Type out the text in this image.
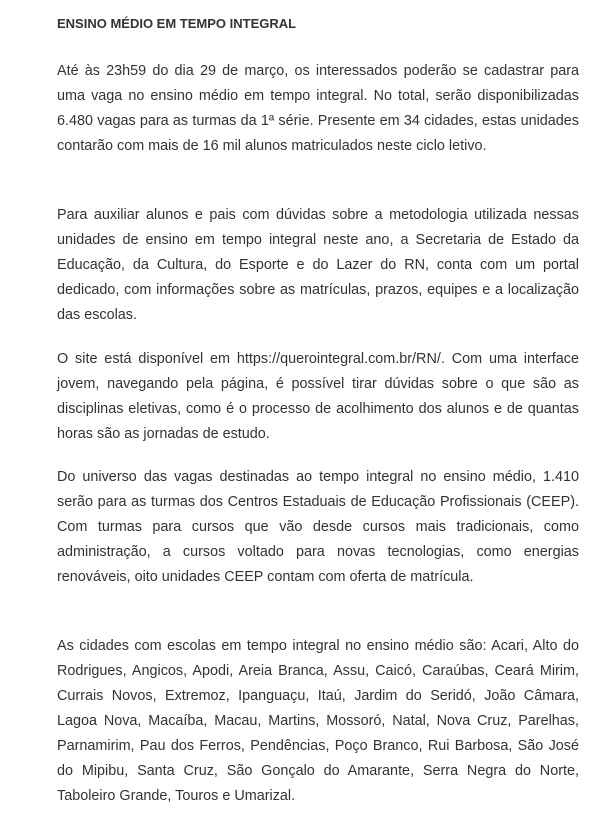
ENSINO MÉDIO EM TEMPO INTEGRAL

Até às 23h59 do dia 29 de março, os interessados poderão se cadastrar para uma vaga no ensino médio em tempo integral. No total, serão disponibilizadas 6.480 vagas para as turmas da 1ª série. Presente em 34 cidades, estas unidades contarão com mais de 16 mil alunos matriculados neste ciclo letivo.

Para auxiliar alunos e pais com dúvidas sobre a metodologia utilizada nessas unidades de ensino em tempo integral neste ano, a Secretaria de Estado da Educação, da Cultura, do Esporte e do Lazer do RN, conta com um portal dedicado, com informações sobre as matrículas, prazos, equipes e a localização das escolas.

O site está disponível em https://querointegral.com.br/RN/. Com uma interface jovem, navegando pela página, é possível tirar dúvidas sobre o que são as disciplinas eletivas, como é o processo de acolhimento dos alunos e de quantas horas são as jornadas de estudo.

Do universo das vagas destinadas ao tempo integral no ensino médio, 1.410 serão para as turmas dos Centros Estaduais de Educação Profissionais (CEEP). Com turmas para cursos que vão desde cursos mais tradicionais, como administração, a cursos voltado para novas tecnologias, como energias renováveis, oito unidades CEEP contam com oferta de matrícula.

As cidades com escolas em tempo integral no ensino médio são: Acari, Alto do Rodrigues, Angicos, Apodi, Areia Branca, Assu, Caicó, Caraúbas, Ceará Mirim, Currais Novos, Extremoz, Ipanguaçu, Itaú, Jardim do Seridó, João Câmara, Lagoa Nova, Macaíba, Macau, Martins, Mossoró, Natal, Nova Cruz, Parelhas, Parnamirim, Pau dos Ferros, Pendências, Poço Branco, Rui Barbosa, São José do Mipibu, Santa Cruz, São Gonçalo do Amarante, Serra Negra do Norte, Taboleiro Grande, Touros e Umarizal.
